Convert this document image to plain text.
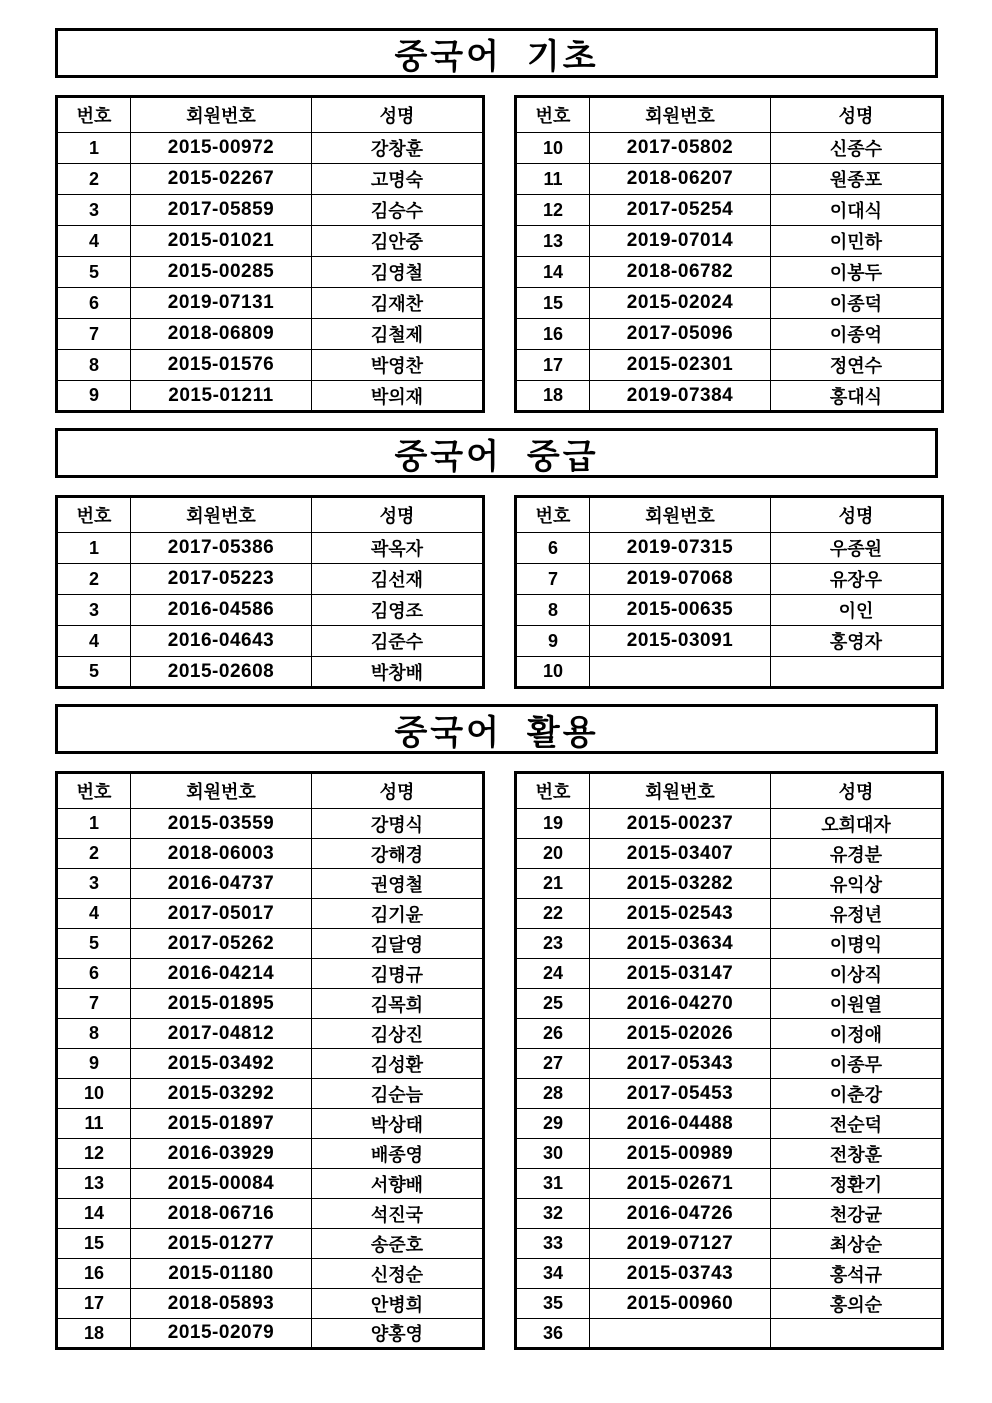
중국어  기초
번호	회원번호	성명
1	2015-00972	강창훈
2	2015-02267	고명숙
3	2017-05859	김승수
4	2015-01021	김안중
5	2015-00285	김영철
6	2019-07131	김재찬
7	2018-06809	김철제
8	2015-01576	박영찬
9	2015-01211	박의재
번호	회원번호	성명
10	2017-05802	신종수
11	2018-06207	원종포
12	2017-05254	이대식
13	2019-07014	이민하
14	2018-06782	이봉두
15	2015-02024	이종덕
16	2017-05096	이종억
17	2015-02301	정연수
18	2019-07384	홍대식
중국어  중급
번호	회원번호	성명
1	2017-05386	곽옥자
2	2017-05223	김선재
3	2016-04586	김영조
4	2016-04643	김준수
5	2015-02608	박창배
번호	회원번호	성명
6	2019-07315	우종원
7	2019-07068	유장우
8	2015-00635	이인
9	2015-03091	홍영자
10		
중국어  활용
번호	회원번호	성명
1	2015-03559	강명식
2	2018-06003	강해경
3	2016-04737	권영철
4	2017-05017	김기윤
5	2017-05262	김달영
6	2016-04214	김명규
7	2015-01895	김목희
8	2017-04812	김상진
9	2015-03492	김성환
10	2015-03292	김순늠
11	2015-01897	박상태
12	2016-03929	배종영
13	2015-00084	서향배
14	2018-06716	석진국
15	2015-01277	송준호
16	2015-01180	신정순
17	2018-05893	안병희
18	2015-02079	양홍영
번호	회원번호	성명
19	2015-00237	오희대자
20	2015-03407	유경분
21	2015-03282	유익상
22	2015-02543	유정년
23	2015-03634	이명익
24	2015-03147	이상직
25	2016-04270	이원열
26	2015-02026	이정애
27	2017-05343	이종무
28	2017-05453	이춘강
29	2016-04488	전순덕
30	2015-00989	전창훈
31	2015-02671	정환기
32	2016-04726	천강균
33	2019-07127	최상순
34	2015-03743	홍석규
35	2015-00960	홍의순
36		
